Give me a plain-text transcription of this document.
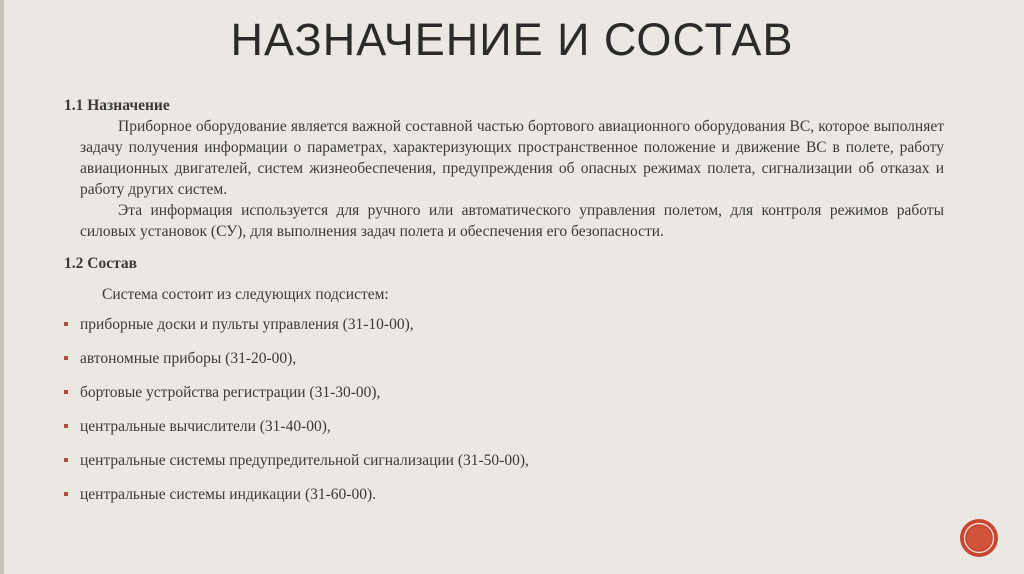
НАЗНАЧЕНИЕ И СОСТАВ

1.1 Назначение

Приборное оборудование является важной составной частью бортового авиационного оборудования ВС, которое выполняет задачу получения информации о параметрах, характеризующих пространственное положение и движение ВС в полете, работу авиационных двигателей, систем жизнеобеспечения, предупреждения об опасных режимах полета, сигнализации об отказах и работу других систем.

Эта информация используется для ручного или автоматического управления полетом, для контроля режимов работы силовых установок (СУ), для выполнения задач полета и обеспечения его безопасности.

1.2 Состав

Система состоит из следующих подсистем:

приборные доски и пульты управления (31-10-00),
автономные приборы (31-20-00),
бортовые устройства регистрации (31-30-00),
центральные вычислители (31-40-00),
центральные системы предупредительной сигнализации (31-50-00),
центральные системы индикации (31-60-00).
